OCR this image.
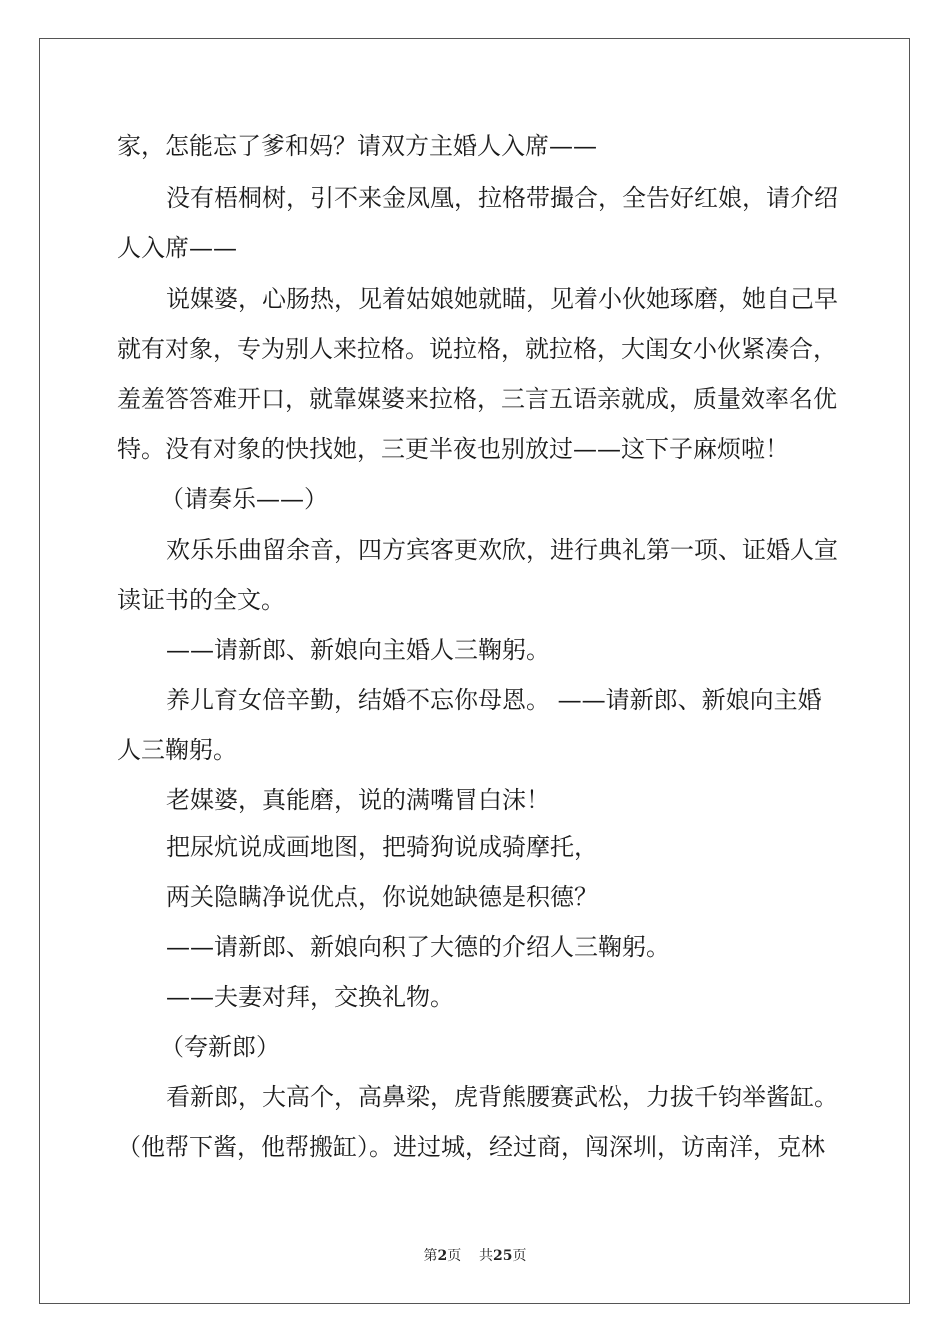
家，怎能忘了爹和妈？请双方主婚人入席——

没有梧桐树，引不来金凤凰，拉格带撮合，全告好红娘，请介绍

人入席——

说媒婆，心肠热，见着姑娘她就瞄，见着小伙她琢磨，她自己早

就有对象，专为别人来拉格。说拉格，就拉格，大闺女小伙紧凑合，

羞羞答答难开口，就靠媒婆来拉格，三言五语亲就成，质量效率名优

特。没有对象的快找她，三更半夜也别放过——这下子麻烦啦！

（请奏乐——）

欢乐乐曲留余音，四方宾客更欢欣，进行典礼第一项、证婚人宣

读证书的全文。

——请新郎、新娘向主婚人三鞠躬。

养儿育女倍辛勤，结婚不忘你母恩。 ——请新郎、新娘向主婚

人三鞠躬。

老媒婆，真能磨，说的满嘴冒白沫！

把尿炕说成画地图，把骑狗说成骑摩托，

两关隐瞒净说优点，你说她缺德是积德？

——请新郎、新娘向积了大德的介绍人三鞠躬。

——夫妻对拜，交换礼物。

（夸新郎）

看新郎，大高个，高鼻梁，虎背熊腰赛武松，力拔千钧举酱缸。

（他帮下酱，他帮搬缸）。进过城，经过商，闯深圳，访南洋，克林

第2页 共25页
